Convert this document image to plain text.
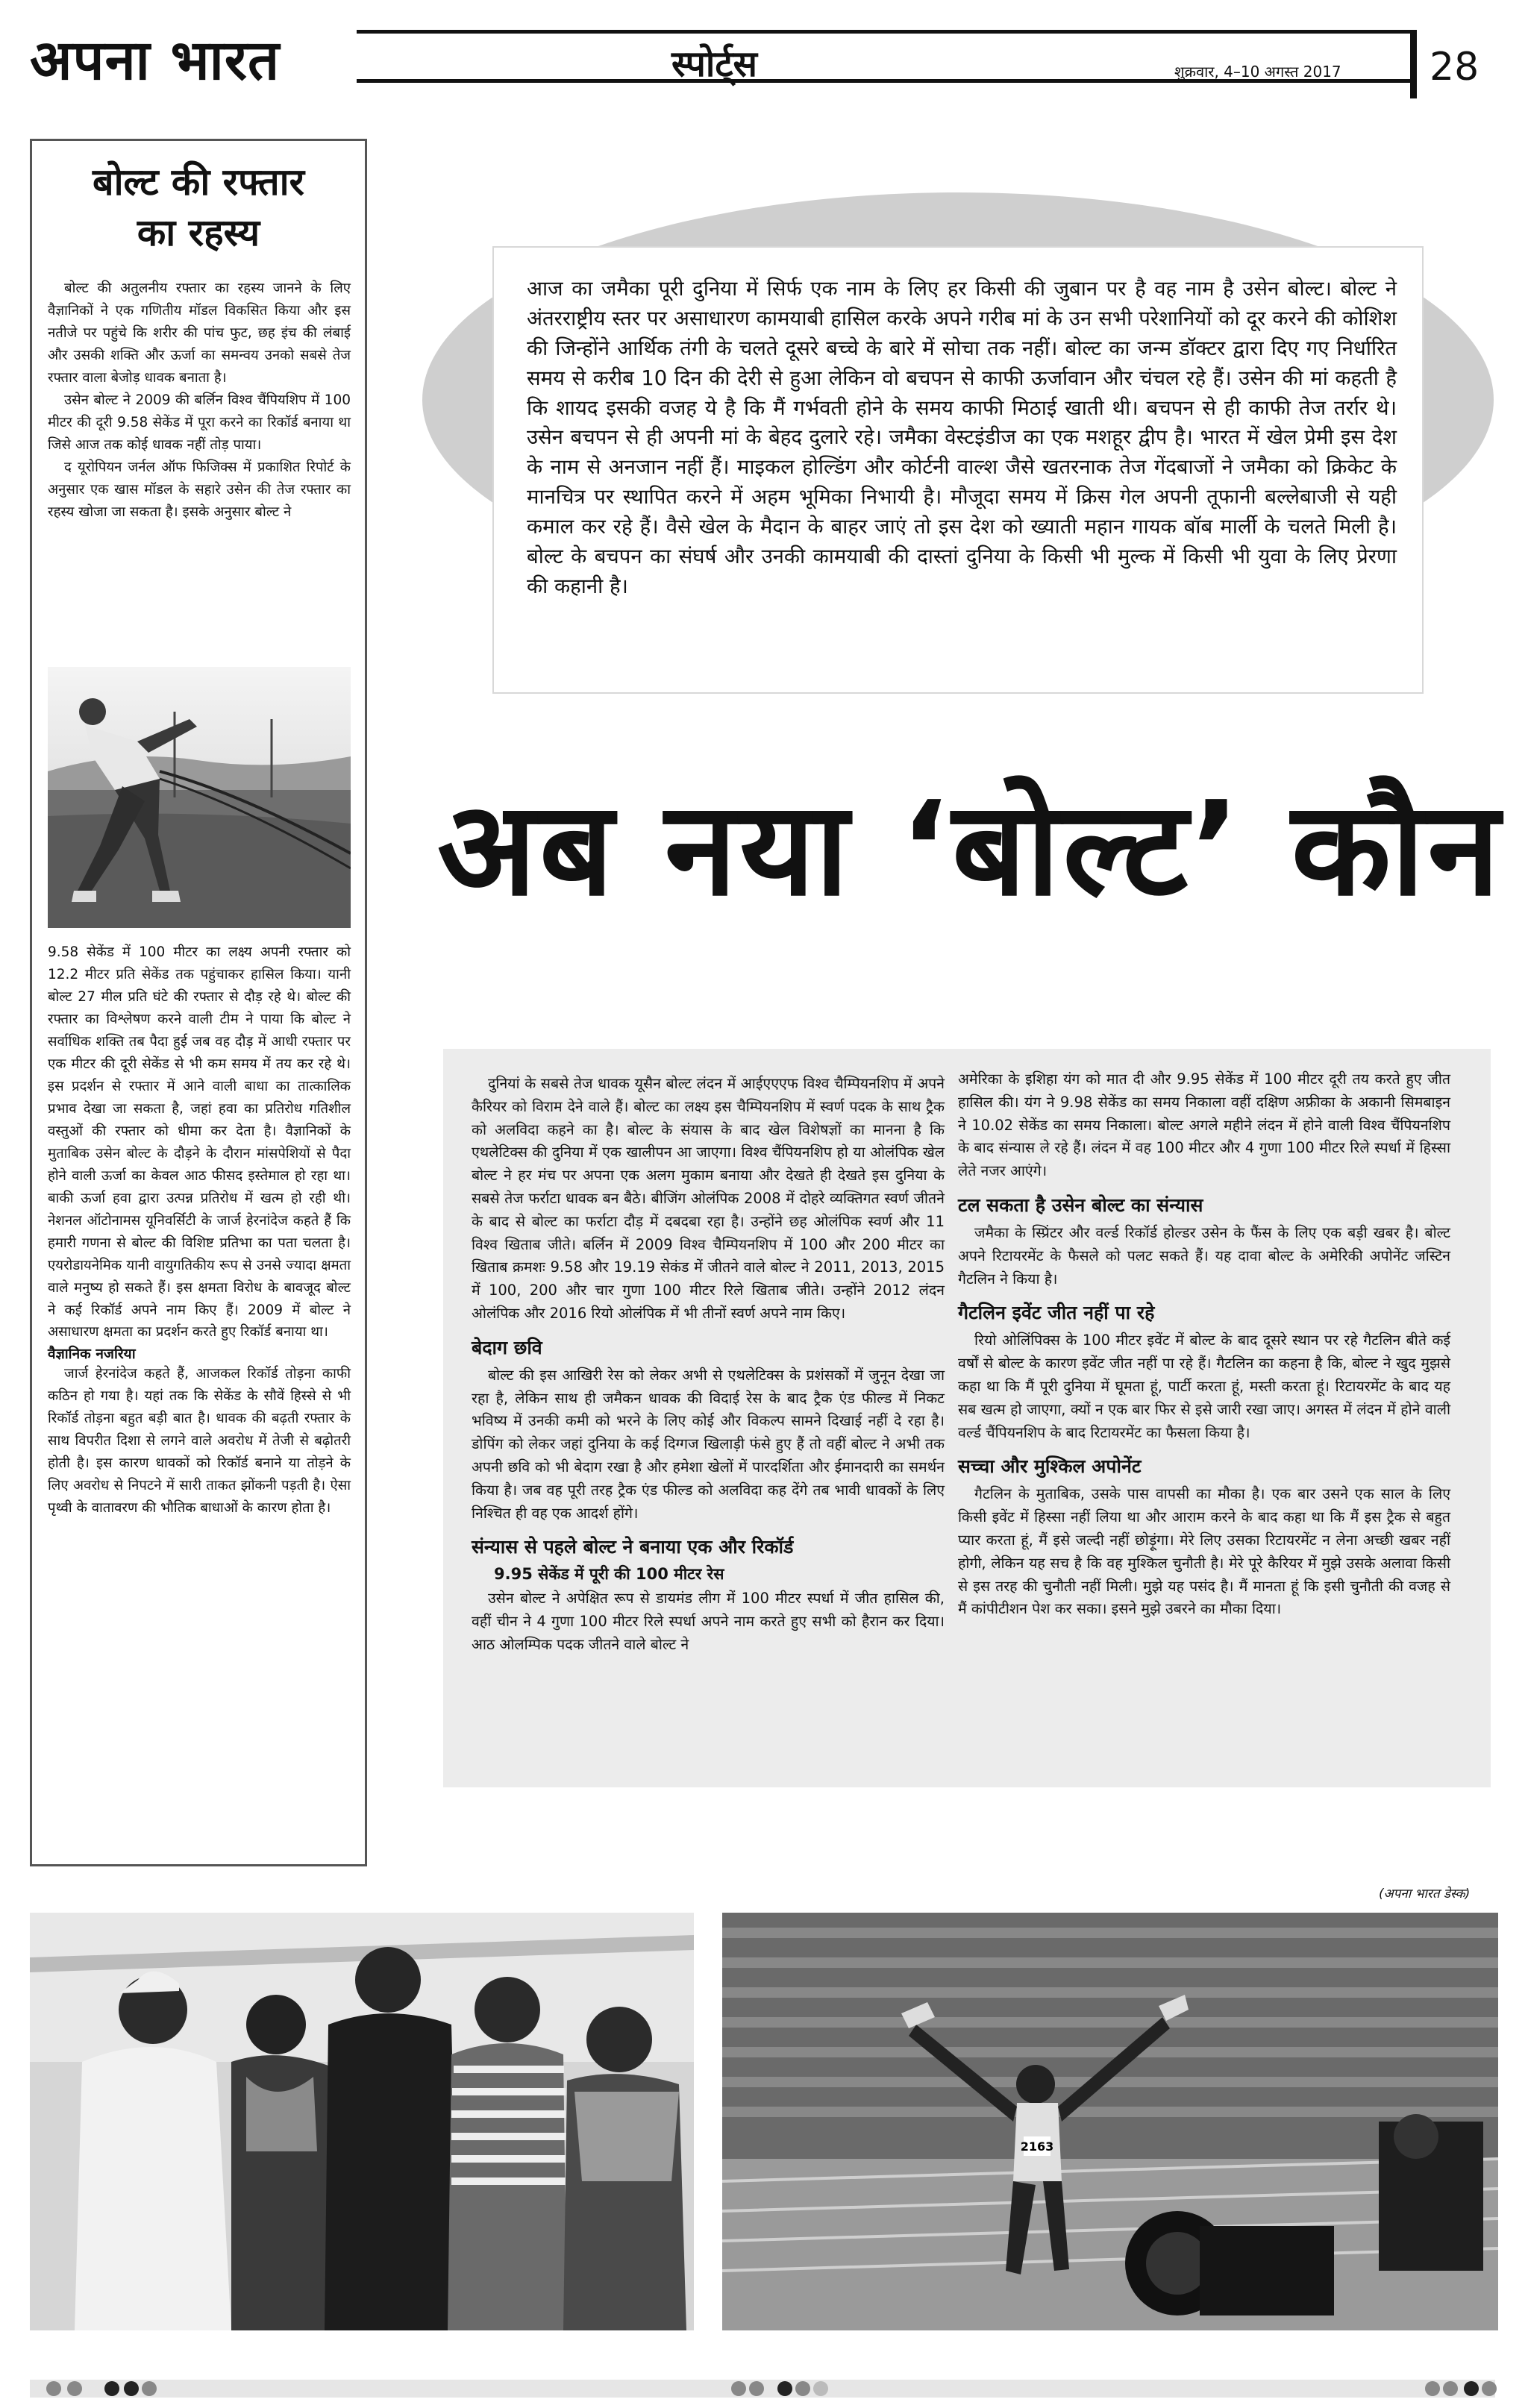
अपना भारत	स्पोर्ट्स	शुक्रवार, 4–10 अगस्त 2017 28
बोल्ट की रफ्तार
का रहस्य

बोल्ट की अतुलनीय रफ्तार का रहस्य जानने के लिए वैज्ञानिकों ने एक गणितीय मॉडल विकसित किया और इस नतीजे पर पहुंचे कि शरीर की पांच फुट, छह इंच की लंबाई और उसकी शक्ति और ऊर्जा का समन्वय उनको सबसे तेज रफ्तार वाला बेजोड़ धावक बनाता है।

उसेन बोल्ट ने 2009 की बर्लिन विश्व चैंपियशिप में 100 मीटर की दूरी 9.58 सेकेंड में पूरा करने का रिकॉर्ड बनाया था जिसे आज तक कोई धावक नहीं तोड़ पाया।

द यूरोपियन जर्नल ऑफ फिजिक्स में प्रकाशित रिपोर्ट के अनुसार एक खास मॉडल के सहारे उसेन की तेज रफ्तार का रहस्य खोजा जा सकता है। इसके अनुसार बोल्ट ने

9.58 सेकेंड में 100 मीटर का लक्ष्य अपनी रफ्तार को 12.2 मीटर प्रति सेकेंड तक पहुंचाकर हासिल किया। यानी बोल्ट 27 मील प्रति घंटे की रफ्तार से दौड़ रहे थे। बोल्ट की रफ्तार का विश्लेषण करने वाली टीम ने पाया कि बोल्ट ने सर्वाधिक शक्ति तब पैदा हुई जब वह दौड़ में आधी रफ्तार पर एक मीटर की दूरी सेकेंड से भी कम समय में तय कर रहे थे। इस प्रदर्शन से रफ्तार में आने वाली बाधा का तात्कालिक प्रभाव देखा जा सकता है, जहां हवा का प्रतिरोध गतिशील वस्तुओं की रफ्तार को धीमा कर देता है। वैज्ञानिकों के मुताबिक उसेन बोल्ट के दौड़ने के दौरान मांसपेशियों से पैदा होने वाली ऊर्जा का केवल आठ फीसद इस्तेमाल हो रहा था। बाकी ऊर्जा हवा द्वारा उत्पन्न प्रतिरोध में खत्म हो रही थी। नेशनल ऑटोनामस यूनिवर्सिटी के जार्ज हेरनांदेज कहते हैं कि हमारी गणना से बोल्ट की विशिष्ट प्रतिभा का पता चलता है। एयरोडायनेमिक यानी वायुगतिकीय रूप से उनसे ज्यादा क्षमता वाले मनुष्य हो सकते हैं। इस क्षमता विरोध के बावजूद बोल्ट ने कई रिकॉर्ड अपने नाम किए हैं। 2009 में बोल्ट ने असाधारण क्षमता का प्रदर्शन करते हुए रिकॉर्ड बनाया था।

वैज्ञानिक नजरिया

जार्ज हेरनांदेज कहते हैं, आजकल रिकॉर्ड तोड़ना काफी कठिन हो गया है। यहां तक कि सेकेंड के सौवें हिस्से से भी रिकॉर्ड तोड़ना बहुत बड़ी बात है। धावक की बढ़ती रफ्तार के साथ विपरीत दिशा से लगने वाले अवरोध में तेजी से बढ़ोतरी होती है। इस कारण धावकों को रिकॉर्ड बनाने या तोड़ने के लिए अवरोध से निपटने में सारी ताकत झोंकनी पड़ती है। ऐसा पृथ्वी के वातावरण की भौतिक बाधाओं के कारण होता है।

आज का जमैका पूरी दुनिया में सिर्फ एक नाम के लिए हर किसी की जुबान पर है वह नाम है उसेन बोल्ट। बोल्ट ने अंतरराष्ट्रीय स्तर पर असाधारण कामयाबी हासिल करके अपने गरीब मां के उन सभी परेशानियों को दूर करने की कोशिश की जिन्होंने आर्थिक तंगी के चलते दूसरे बच्चे के बारे में सोचा तक नहीं। बोल्ट का जन्म डॉक्टर द्वारा दिए गए निर्धारित समय से करीब 10 दिन की देरी से हुआ लेकिन वो बचपन से काफी ऊर्जावान और चंचल रहे हैं। उसेन की मां कहती है कि शायद इसकी वजह ये है कि मैं गर्भवती होने के समय काफी मिठाई खाती थी। बचपन से ही काफी तेज तर्रार थे। उसेन बचपन से ही अपनी मां के बेहद दुलारे रहे। जमैका वेस्टइंडीज का एक मशहूर द्वीप है। भारत में खेल प्रेमी इस देश के नाम से अनजान नहीं हैं। माइकल होल्डिंग और कोर्टनी वाल्श जैसे खतरनाक तेज गेंदबाजों ने जमैका को क्रिकेट के मानचित्र पर स्थापित करने में अहम भूमिका निभायी है। मौजूदा समय में क्रिस गेल अपनी तूफानी बल्लेबाजी से यही कमाल कर रहे हैं। वैसे खेल के मैदान के बाहर जाएं तो इस देश को ख्याती महान गायक बॉब मार्ली के चलते मिली है। बोल्ट के बचपन का संघर्ष और उनकी कामयाबी की दास्तां दुनिया के किसी भी मुल्क में किसी भी युवा के लिए प्रेरणा की कहानी है।

अब नया ‘बोल्ट’ कौन

दुनियां के सबसे तेज धावक यूसैन बोल्ट लंदन में आईएएएफ विश्व चैम्पियनशिप में अपने कैरियर को विराम देने वाले हैं। बोल्ट का लक्ष्य इस चैम्पियनशिप में स्वर्ण पदक के साथ ट्रैक को अलविदा कहने का है। बोल्ट के संयास के बाद खेल विशेषज्ञों का मानना है कि एथलेटिक्स की दुनिया में एक खालीपन आ जाएगा। विश्व चैंपियनशिप हो या ओलंपिक खेल बोल्ट ने हर मंच पर अपना एक अलग मुकाम बनाया और देखते ही देखते इस दुनिया के सबसे तेज फर्राटा धावक बन बैठे। बीजिंग ओलंपिक 2008 में दोहरे व्यक्तिगत स्वर्ण जीतने के बाद से बोल्ट का फर्राटा दौड़ में दबदबा रहा है। उन्होंने छह ओलंपिक स्वर्ण और 11 विश्व खिताब जीते। बर्लिन में 2009 विश्व चैम्पियनशिप में 100 और 200 मीटर का खिताब क्रमशः 9.58 और 19.19 सेकंड में जीतने वाले बोल्ट ने 2011, 2013, 2015 में 100, 200 और चार गुणा 100 मीटर रिले खिताब जीते। उन्होंने 2012 लंदन ओलंपिक और 2016 रियो ओलंपिक में भी तीनों स्वर्ण अपने नाम किए।

बेदाग छवि

बोल्ट की इस आखिरी रेस को लेकर अभी से एथलेटिक्स के प्रशंसकों में जुनून देखा जा रहा है, लेकिन साथ ही जमैकन धावक की विदाई रेस के बाद ट्रैक एंड फील्ड में निकट भविष्य में उनकी कमी को भरने के लिए कोई और विकल्प सामने दिखाई नहीं दे रहा है। डोपिंग को लेकर जहां दुनिया के कई दिग्गज खिलाड़ी फंसे हुए हैं तो वहीं बोल्ट ने अभी तक अपनी छवि को भी बेदाग रखा है और हमेशा खेलों में पारदर्शिता और ईमानदारी का समर्थन किया है। जब वह पूरी तरह ट्रैक एंड फील्ड को अलविदा कह देंगे तब भावी धावकों के लिए निश्चित ही वह एक आदर्श होंगे।

संन्यास से पहले बोल्ट ने बनाया एक और रिकॉर्ड
9.95 सेकेंड में पूरी की 100 मीटर रेस

उसेन बोल्ट ने अपेक्षित रूप से डायमंड लीग में 100 मीटर स्पर्धा में जीत हासिल की, वहीं चीन ने 4 गुणा 100 मीटर रिले स्पर्धा अपने नाम करते हुए सभी को हैरान कर दिया। आठ ओलम्पिक पदक जीतने वाले बोल्ट ने

अमेरिका के इशिहा यंग को मात दी और 9.95 सेकेंड में 100 मीटर दूरी तय करते हुए जीत हासिल की। यंग ने 9.98 सेकेंड का समय निकाला वहीं दक्षिण अफ्रीका के अकानी सिमबाइन ने 10.02 सेकेंड का समय निकाला। बोल्ट अगले महीने लंदन में होने वाली विश्व चैंपियनशिप के बाद संन्यास ले रहे हैं। लंदन में वह 100 मीटर और 4 गुणा 100 मीटर रिले स्पर्धा में हिस्सा लेते नजर आएंगे।

टल सकता है उसेन बोल्ट का संन्यास

जमैका के स्प्रिंटर और वर्ल्ड रिकॉर्ड होल्डर उसेन के फैंस के लिए एक बड़ी खबर है। बोल्ट अपने रिटायरमेंट के फैसले को पलट सकते हैं। यह दावा बोल्ट के अमेरिकी अपोनेंट जस्टिन गैटलिन ने किया है।

गैटलिन इवेंट जीत नहीं पा रहे

रियो ओलिंपिक्स के 100 मीटर इवेंट में बोल्ट के बाद दूसरे स्थान पर रहे गैटलिन बीते कई वर्षों से बोल्ट के कारण इवेंट जीत नहीं पा रहे हैं। गैटलिन का कहना है कि, बोल्ट ने खुद मुझसे कहा था कि मैं पूरी दुनिया में घूमता हूं, पार्टी करता हूं, मस्ती करता हूं। रिटायरमेंट के बाद यह सब खत्म हो जाएगा, क्यों न एक बार फिर से इसे जारी रखा जाए। अगस्त में लंदन में होने वाली वर्ल्ड चैंपियनशिप के बाद रिटायरमेंट का फैसला किया है।

सच्चा और मुश्किल अपोनेंट

गैटलिन के मुताबिक, उसके पास वापसी का मौका है। एक बार उसने एक साल के लिए किसी इवेंट में हिस्सा नहीं लिया था और आराम करने के बाद कहा था कि मैं इस ट्रैक से बहुत प्यार करता हूं, मैं इसे जल्दी नहीं छोड़ूंगा। मेरे लिए उसका रिटायरमेंट न लेना अच्छी खबर नहीं होगी, लेकिन यह सच है कि वह मुश्किल चुनौती है। मेरे पूरे कैरियर में मुझे उसके अलावा किसी से इस तरह की चुनौती नहीं मिली। मुझे यह पसंद है। मैं मानता हूं कि इसी चुनौती की वजह से मैं कांपीटीशन पेश कर सका। इसने मुझे उबरने का मौका दिया।

(अपना भारत डेस्क)
2163
